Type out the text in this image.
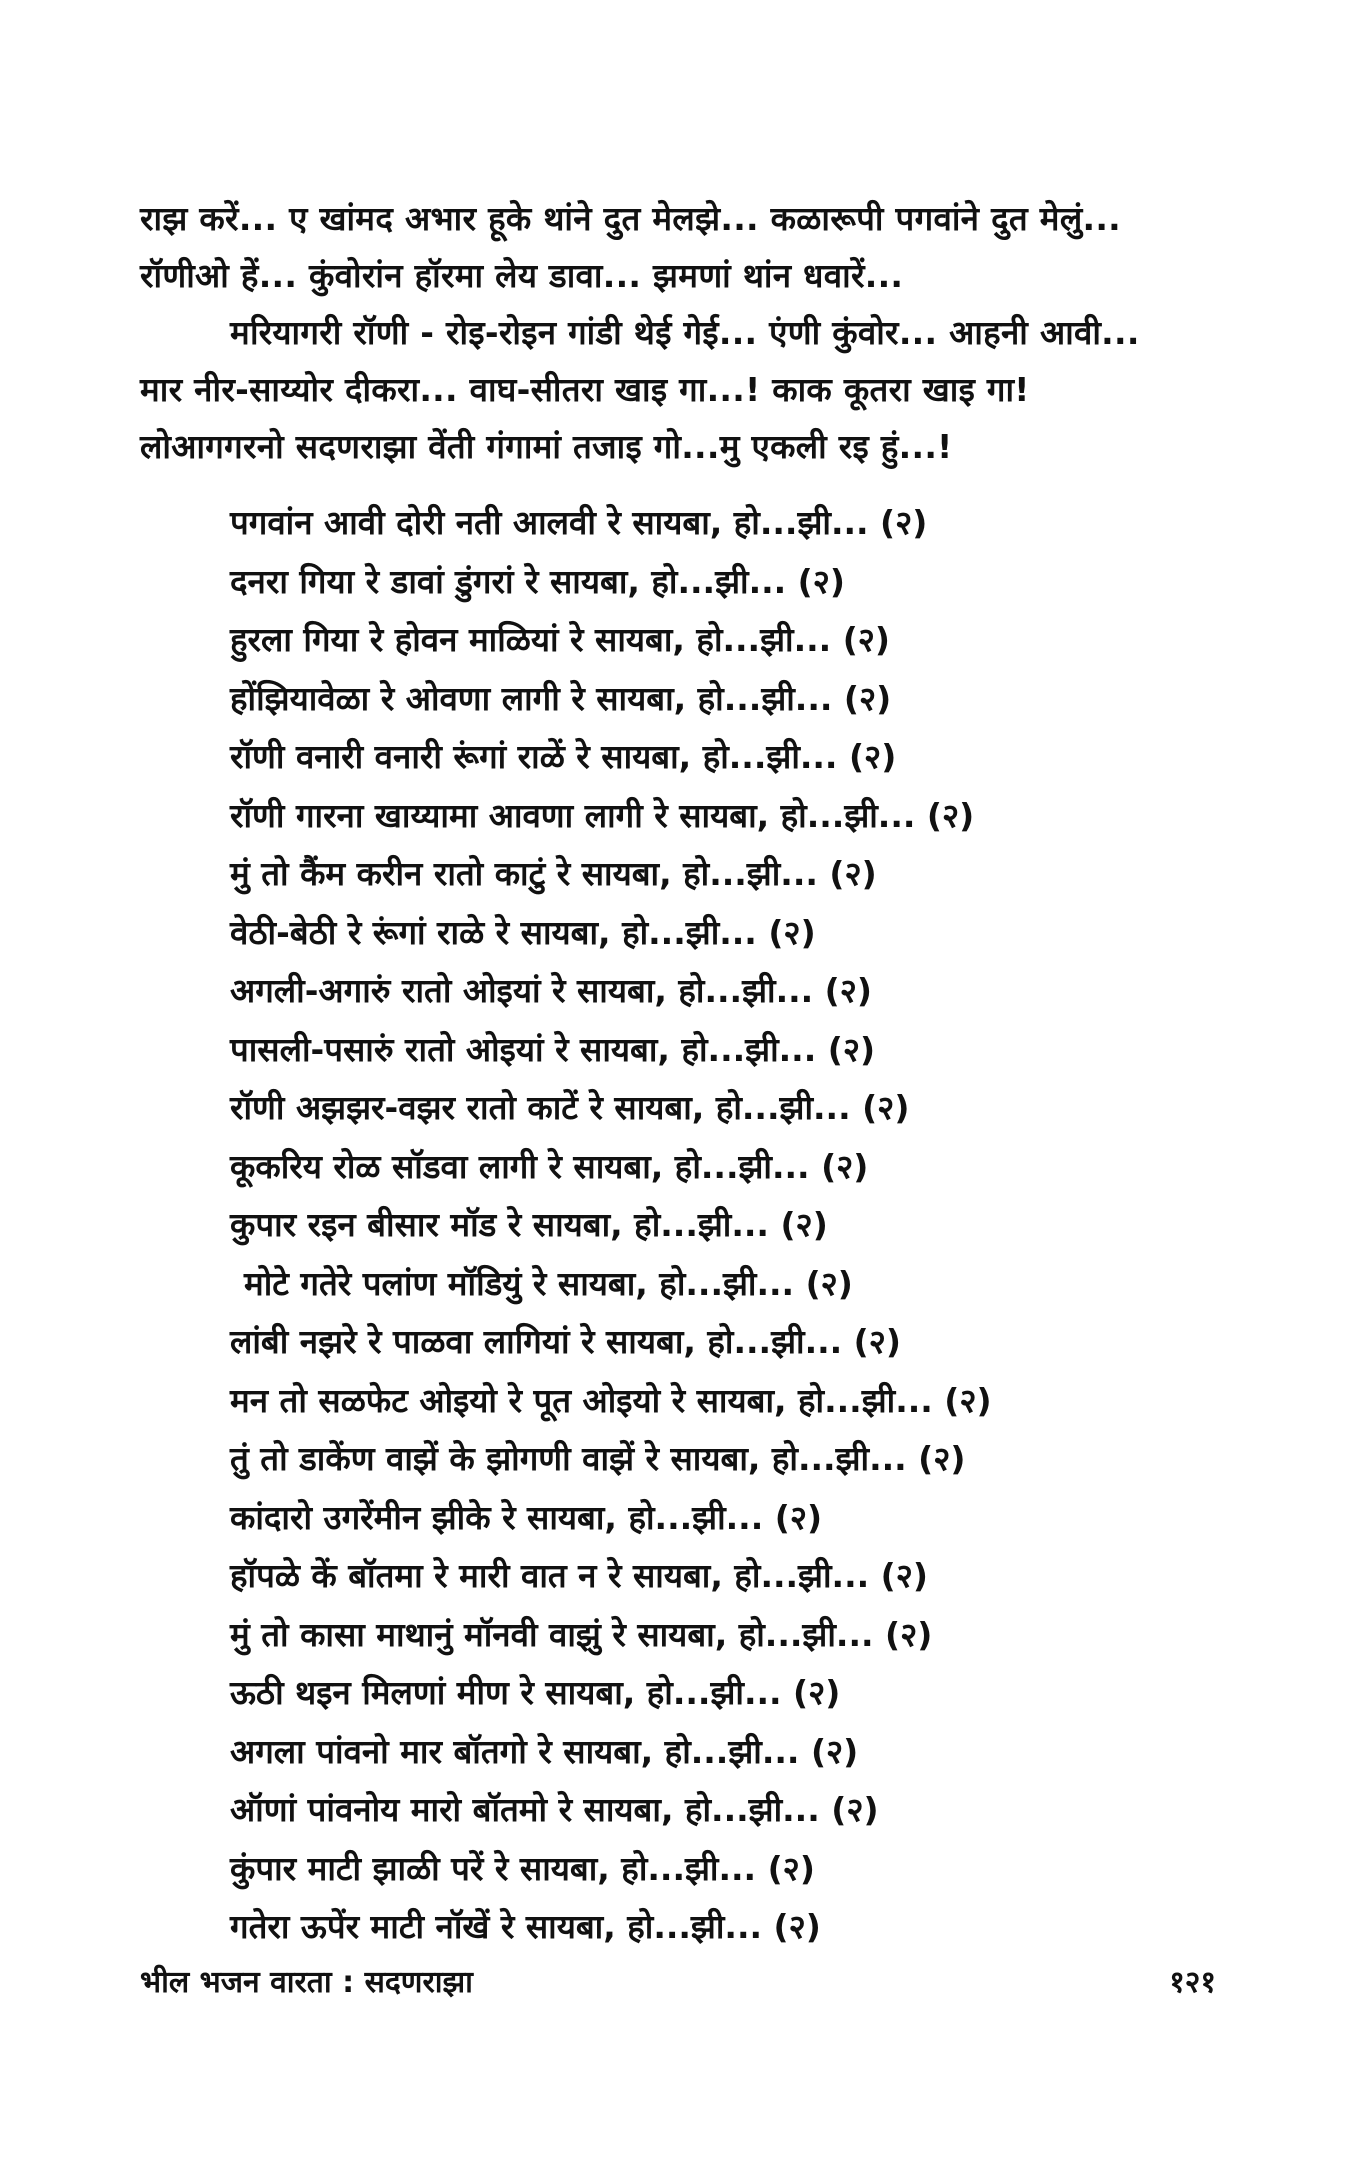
राझ करें... ए खांमद अभार हूके थांने दुत मेलझे... कळारूपी पगवांने दुत मेलुं...

रॉणीओ हें... कुंवोरांन हॉरमा लेय डावा... झमणां थांन धवारें...

मरियागरी रॉणी - रोइ-रोइन गांडी थेई गेई... एंणी कुंवोर... आहनी आवी...

मार नीर-साय्योर दीकरा... वाघ-सीतरा खाइ गा...! काक कूतरा खाइ गा!

लोआगगरनो सदणराझा वेंती गंगामां तजाइ गो...मु एकली रइ हुं...!

पगवांन आवी दोरी नती आलवी रे सायबा, हो...झी... (२)

दनरा गिया रे डावां डुंगरां रे सायबा, हो...झी... (२)

हुरला गिया रे होवन माळियां रे सायबा, हो...झी... (२)

होंझियावेळा रे ओवणा लागी रे सायबा, हो...झी... (२)

रॉणी वनारी वनारी रूंगां राळें रे सायबा, हो...झी... (२)

रॉणी गारना खाय्यामा आवणा लागी रे सायबा, हो...झी... (२)

मुं तो कैंम करीन रातो काटुं रे सायबा, हो...झी... (२)

वेठी-बेठी रे रूंगां राळे रे सायबा, हो...झी... (२)

अगली-अगारुं रातो ओइयां रे सायबा, हो...झी... (२)

पासली-पसारुं रातो ओइयां रे सायबा, हो...झी... (२)

रॉणी अझझर-वझर रातो काटें रे सायबा, हो...झी... (२)

कूकरिय रोळ सॉडवा लागी रे सायबा, हो...झी... (२)

कुपार रइन बीसार मॉड रे सायबा, हो...झी... (२)

मोटे गतेरे पलांण मॉडियुं रे सायबा, हो...झी... (२)

लांबी नझरे रे पाळवा लागियां रे सायबा, हो...झी... (२)

मन तो सळफेट ओइयो रे पूत ओइयो रे सायबा, हो...झी... (२)

तुं तो डाकेंण वाझें के झोगणी वाझें रे सायबा, हो...झी... (२)

कांदारो उगरेंमीन झीके रे सायबा, हो...झी... (२)

हॉपळे कें बॉतमा रे मारी वात न रे सायबा, हो...झी... (२)

मुं तो कासा माथानुं मॉनवी वाझुं रे सायबा, हो...झी... (२)

ऊठी थइन मिलणां मीण रे सायबा, हो...झी... (२)

अगला पांवनो मार बॉतगो रे सायबा, हो...झी... (२)

ऑणां पांवनोय मारो बॉतमो रे सायबा, हो...झी... (२)

कुंपार माटी झाळी परें रे सायबा, हो...झी... (२)

गतेरा ऊपेंर माटी नॉखें रे सायबा, हो...झी... (२)

भील भजन वारता : सदणराझा	१२१
